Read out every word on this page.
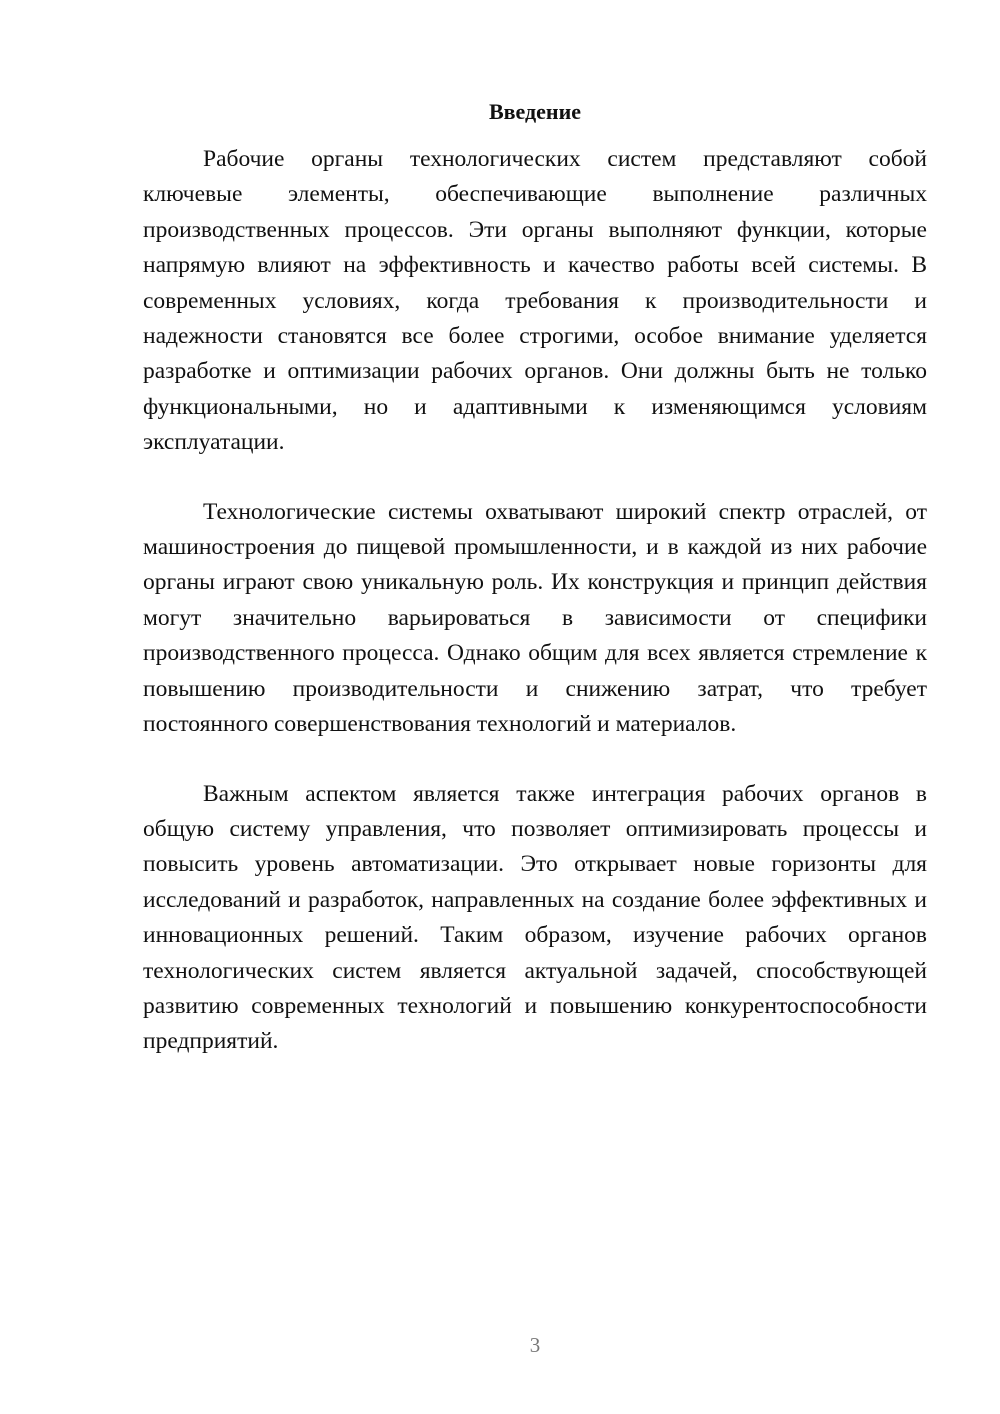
Введение

Рабочие органы технологических систем представляют собой ключевые элементы, обеспечивающие выполнение различных производственных процессов. Эти органы выполняют функции, которые напрямую влияют на эффективность и качество работы всей системы. В современных условиях, когда требования к производительности и надежности становятся все более строгими, особое внимание уделяется разработке и оптимизации рабочих органов. Они должны быть не только функциональными, но и адаптивными к изменяющимся условиям эксплуатации.

Технологические системы охватывают широкий спектр отраслей, от машиностроения до пищевой промышленности, и в каждой из них рабочие органы играют свою уникальную роль. Их конструкция и принцип действия могут значительно варьироваться в зависимости от специфики производственного процесса. Однако общим для всех является стремление к повышению производительности и снижению затрат, что требует постоянного совершенствования технологий и материалов.

Важным аспектом является также интеграция рабочих органов в общую систему управления, что позволяет оптимизировать процессы и повысить уровень автоматизации. Это открывает новые горизонты для исследований и разработок, направленных на создание более эффективных и инновационных решений. Таким образом, изучение рабочих органов технологических систем является актуальной задачей, способствующей развитию современных технологий и повышению конкурентоспособности предприятий.

3
